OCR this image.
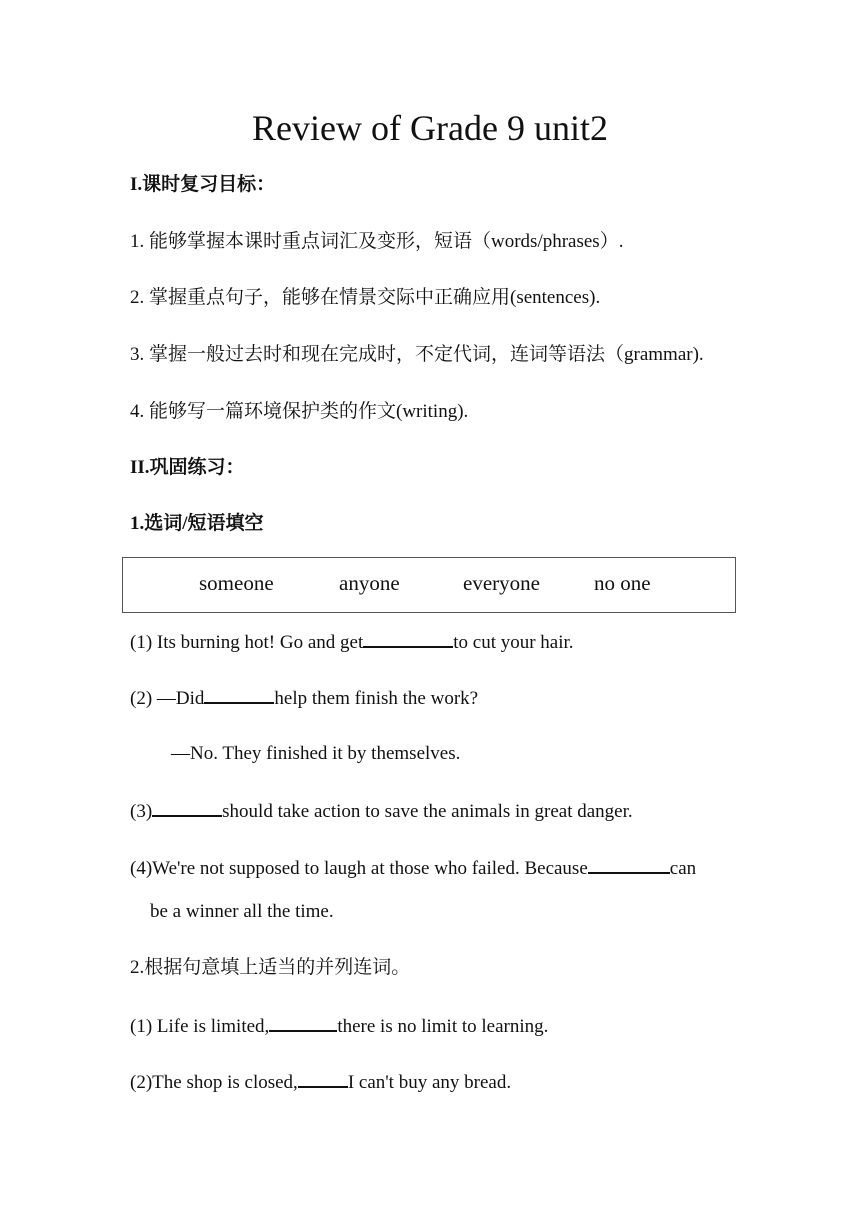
Review of Grade 9 unit2
I.课时复习目标：
1. 能够掌握本课时重点词汇及变形，短语（words/phrases）.
2. 掌握重点句子，能够在情景交际中正确应用(sentences).
3. 掌握一般过去时和现在完成时，不定代词，连词等语法（grammar).
4. 能够写一篇环境保护类的作文(writing).
II.巩固练习：
1.选词/短语填空
someone	anyone	everyone	no one
(1) Its burning hot! Go and get	to cut your hair.
(2) —Did	help them finish the work?
—No. They finished it by themselves.
(3)	should take action to save the animals in great danger.
(4)We're not supposed to laugh at those who failed. Because	can
be a winner all the time.
2.根据句意填上适当的并列连词。
(1) Life is limited,	there is no limit to learning.
(2)The shop is closed,	I can't buy any bread.
